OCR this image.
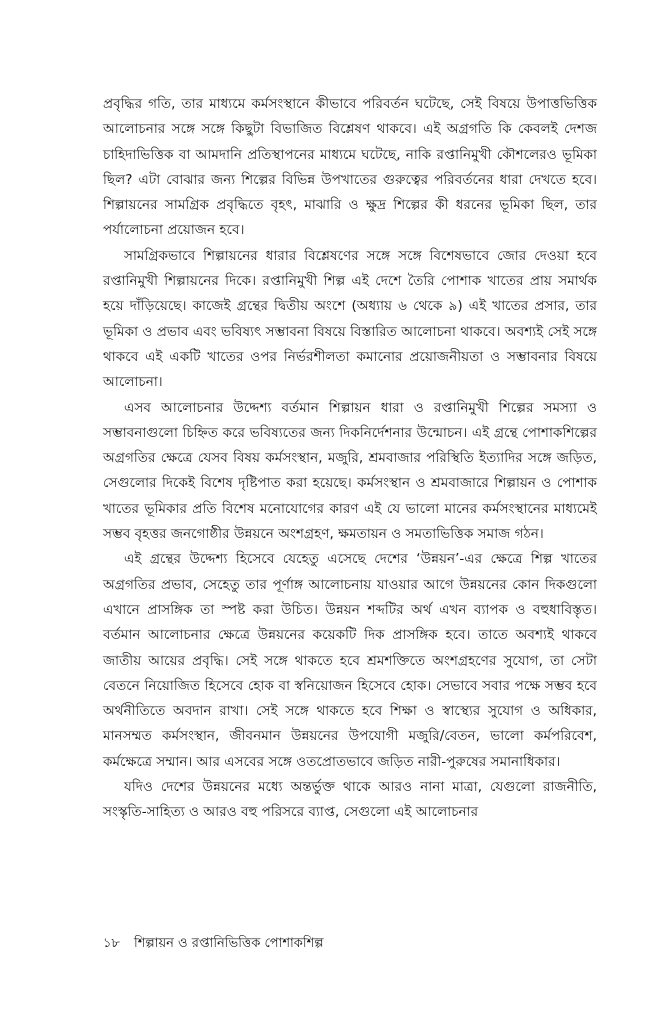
প্রবৃদ্ধির গতি, তার মাধ্যমে কর্মসংস্থানে কীভাবে পরিবর্তন ঘটেছে, সেই বিষয়ে উপাত্তভিত্তিক আলোচনার সঙ্গে সঙ্গে কিছুটা বিভাজিত বিশ্লেষণ থাকবে। এই অগ্রগতি কি কেবলই দেশজ চাহিদাভিত্তিক বা আমদানি প্রতিস্থাপনের মাধ্যমে ঘটেছে, নাকি রপ্তানিমুখী কৌশলেরও ভূমিকা ছিল? এটা বোঝার জন্য শিল্পের বিভিন্ন উপখাতের গুরুত্বের পরিবর্তনের ধারা দেখতে হবে। শিল্পায়নের সামগ্রিক প্রবৃদ্ধিতে বৃহৎ, মাঝারি ও ক্ষুদ্র শিল্পের কী ধরনের ভূমিকা ছিল, তার পর্যালোচনা প্রয়োজন হবে।

সামগ্রিকভাবে শিল্পায়নের ধারার বিশ্লেষণের সঙ্গে সঙ্গে বিশেষভাবে জোর দেওয়া হবে রপ্তানিমুখী শিল্পায়নের দিকে। রপ্তানিমুখী শিল্প এই দেশে তৈরি পোশাক খাতের প্রায় সমার্থক হয়ে দাঁড়িয়েছে। কাজেই গ্রন্থের দ্বিতীয় অংশে (অধ্যায় ৬ থেকে ৯) এই খাতের প্রসার, তার ভূমিকা ও প্রভাব এবং ভবিষ্যৎ সম্ভাবনা বিষয়ে বিস্তারিত আলোচনা থাকবে। অবশ্যই সেই সঙ্গে থাকবে এই একটি খাতের ওপর নির্ভরশীলতা কমানোর প্রয়োজনীয়তা ও সম্ভাবনার বিষয়ে আলোচনা।

এসব আলোচনার উদ্দেশ্য বর্তমান শিল্পায়ন ধারা ও রপ্তানিমুখী শিল্পের সমস্যা ও সম্ভাবনাগুলো চিহ্নিত করে ভবিষ্যতের জন্য দিকনির্দেশনার উন্মোচন। এই গ্রন্থে পোশাকশিল্পের অগ্রগতির ক্ষেত্রে যেসব বিষয় কর্মসংস্থান, মজুরি, শ্রমবাজার পরিস্থিতি ইত্যাদির সঙ্গে জড়িত, সেগুলোর দিকেই বিশেষ দৃষ্টিপাত করা হয়েছে। কর্মসংস্থান ও শ্রমবাজারে শিল্পায়ন ও পোশাক খাতের ভূমিকার প্রতি বিশেষ মনোযোগের কারণ এই যে ভালো মানের কর্মসংস্থানের মাধ্যমেই সম্ভব বৃহত্তর জনগোষ্ঠীর উন্নয়নে অংশগ্রহণ, ক্ষমতায়ন ও সমতাভিত্তিক সমাজ গঠন।

এই গ্রন্থের উদ্দেশ্য হিসেবে যেহেতু এসেছে দেশের ‘উন্নয়ন’-এর ক্ষেত্রে শিল্প খাতের অগ্রগতির প্রভাব, সেহেতু তার পূর্ণাঙ্গ আলোচনায় যাওয়ার আগে উন্নয়নের কোন দিকগুলো এখানে প্রাসঙ্গিক তা স্পষ্ট করা উচিত। উন্নয়ন শব্দটির অর্থ এখন ব্যাপক ও বহুধাবিস্তৃত। বর্তমান আলোচনার ক্ষেত্রে উন্নয়নের কয়েকটি দিক প্রাসঙ্গিক হবে। তাতে অবশ্যই থাকবে জাতীয় আয়ের প্রবৃদ্ধি। সেই সঙ্গে থাকতে হবে শ্রমশক্তিতে অংশগ্রহণের সুযোগ, তা সেটা বেতনে নিয়োজিত হিসেবে হোক বা স্বনিয়োজন হিসেবে হোক। সেভাবে সবার পক্ষে সম্ভব হবে অর্থনীতিতে অবদান রাখা। সেই সঙ্গে থাকতে হবে শিক্ষা ও স্বাস্থ্যের সুযোগ ও অধিকার, মানসম্মত কর্মসংস্থান, জীবনমান উন্নয়নের উপযোগী মজুরি/বেতন, ভালো কর্মপরিবেশ, কর্মক্ষেত্রে সম্মান। আর এসবের সঙ্গে ওতপ্রোতভাবে জড়িত নারী-পুরুষের সমানাধিকার।

যদিও দেশের উন্নয়নের মধ্যে অন্তর্ভুক্ত থাকে আরও নানা মাত্রা, যেগুলো রাজনীতি, সংস্কৃতি-সাহিত্য ও আরও বহু পরিসরে ব্যাপ্ত, সেগুলো এই আলোচনার

১৮ শিল্পায়ন ও রপ্তানিভিত্তিক পোশাকশিল্প
